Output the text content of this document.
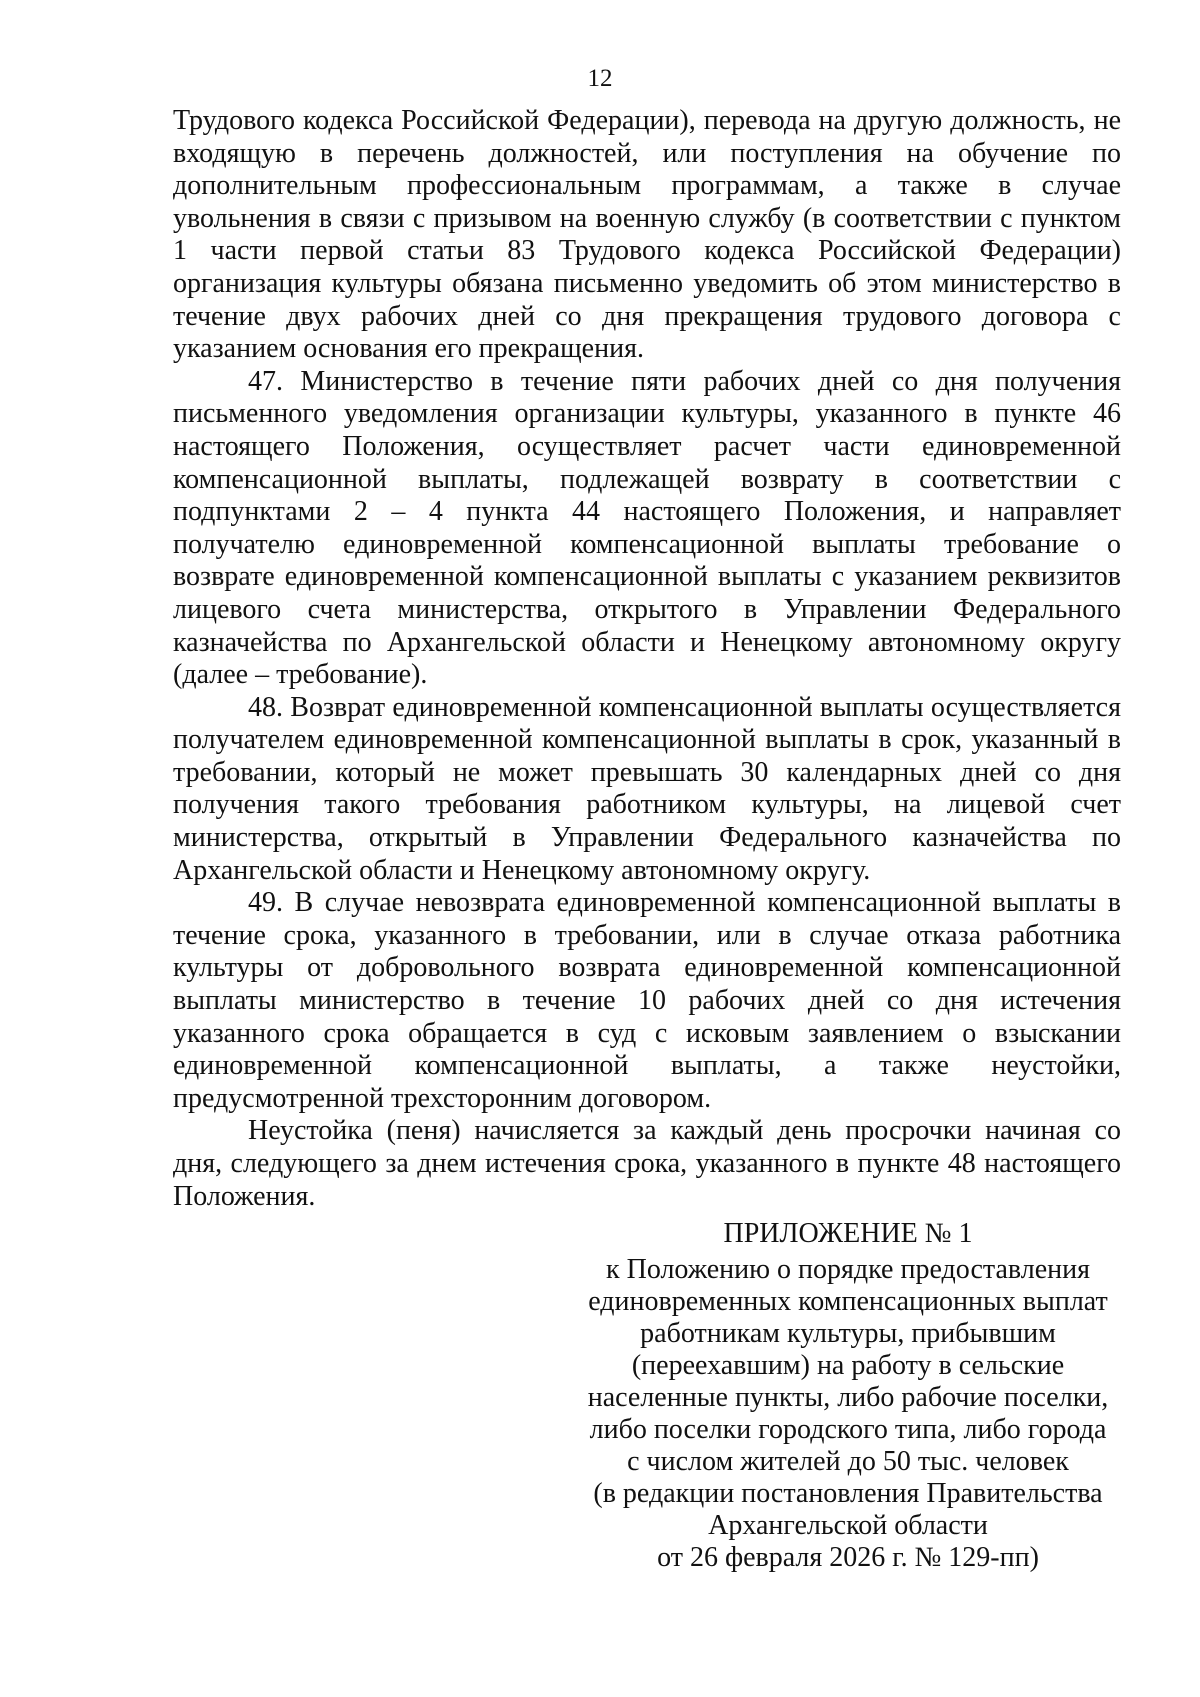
12

Трудового кодекса Российской Федерации), перевода на другую должность, не входящую в перечень должностей, или поступления на обучение по дополнительным профессиональным программам, а также в случае увольнения в связи с призывом на военную службу (в соответствии с пунктом 1 части первой статьи 83 Трудового кодекса Российской Федерации) организация культуры обязана письменно уведомить об этом министерство в течение двух рабочих дней со дня прекращения трудового договора с указанием основания его прекращения.

47. Министерство в течение пяти рабочих дней со дня получения письменного уведомления организации культуры, указанного в пункте 46 настоящего Положения, осуществляет расчет части единовременной компенсационной выплаты, подлежащей возврату в соответствии с подпунктами 2 – 4 пункта 44 настоящего Положения, и направляет получателю единовременной компенсационной выплаты требование о возврате единовременной компенсационной выплаты с указанием реквизитов лицевого счета министерства, открытого в Управлении Федерального казначейства по Архангельской области и Ненецкому автономному округу (далее – требование).

48. Возврат единовременной компенсационной выплаты осуществляется получателем единовременной компенсационной выплаты в срок, указанный в требовании, который не может превышать 30 календарных дней со дня получения такого требования работником культуры, на лицевой счет министерства, открытый в Управлении Федерального казначейства по Архангельской области и Ненецкому автономному округу.

49. В случае невозврата единовременной компенсационной выплаты в течение срока, указанного в требовании, или в случае отказа работника культуры от добровольного возврата единовременной компенсационной выплаты министерство в течение 10 рабочих дней со дня истечения указанного срока обращается в суд с исковым заявлением о взыскании единовременной компенсационной выплаты, а также неустойки, предусмотренной трехсторонним договором.

Неустойка (пеня) начисляется за каждый день просрочки начиная со дня, следующего за днем истечения срока, указанного в пункте 48 настоящего Положения.

ПРИЛОЖЕНИЕ № 1
к Положению о порядке предоставления
единовременных компенсационных выплат
работникам культуры, прибывшим
(переехавшим) на работу в сельские
населенные пункты, либо рабочие поселки,
либо поселки городского типа, либо города
с числом жителей до 50 тыс. человек
(в редакции постановления Правительства
Архангельской области
от 26 февраля 2026 г. № 129-пп)
